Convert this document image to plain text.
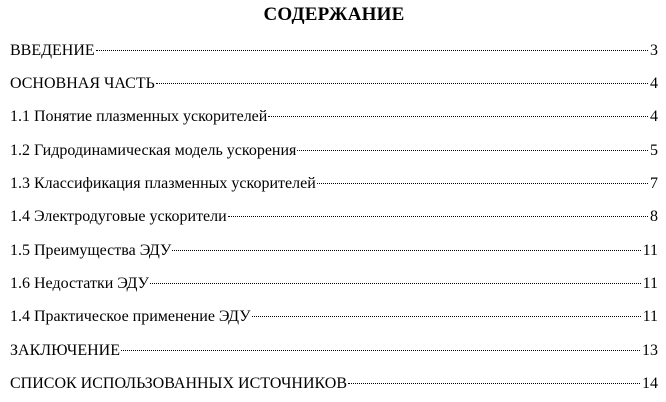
СОДЕРЖАНИЕ
ВВЕДЕНИЕ	3
ОСНОВНАЯ ЧАСТЬ	4
1.1 Понятие плазменных ускорителей	4
1.2 Гидродинамическая модель ускорения	5
1.3 Классификация плазменных ускорителей	7
1.4 Электродуговые ускорители	8
1.5 Преимущества ЭДУ	11
1.6 Недостатки ЭДУ	11
1.4 Практическое применение ЭДУ	11
ЗАКЛЮЧЕНИЕ	13
СПИСОК ИСПОЛЬЗОВАННЫХ ИСТОЧНИКОВ	14
